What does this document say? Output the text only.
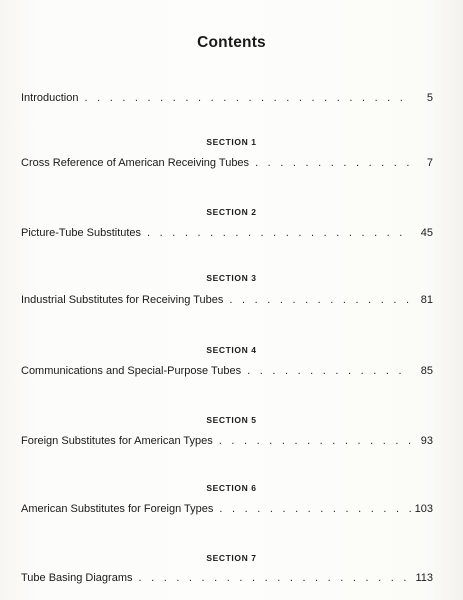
Contents
Introduction . . .	5
SECTION 1
Cross Reference of American Receiving Tubes . . .	7
SECTION 2
Picture-Tube Substitutes . . .	45
SECTION 3
Industrial Substitutes for Receiving Tubes . . .	81
SECTION 4
Communications and Special-Purpose Tubes . . .	85
SECTION 5
Foreign Substitutes for American Types . . .	93
SECTION 6
American Substitutes for Foreign Types . . .	103
SECTION 7
Tube Basing Diagrams . . .	113
